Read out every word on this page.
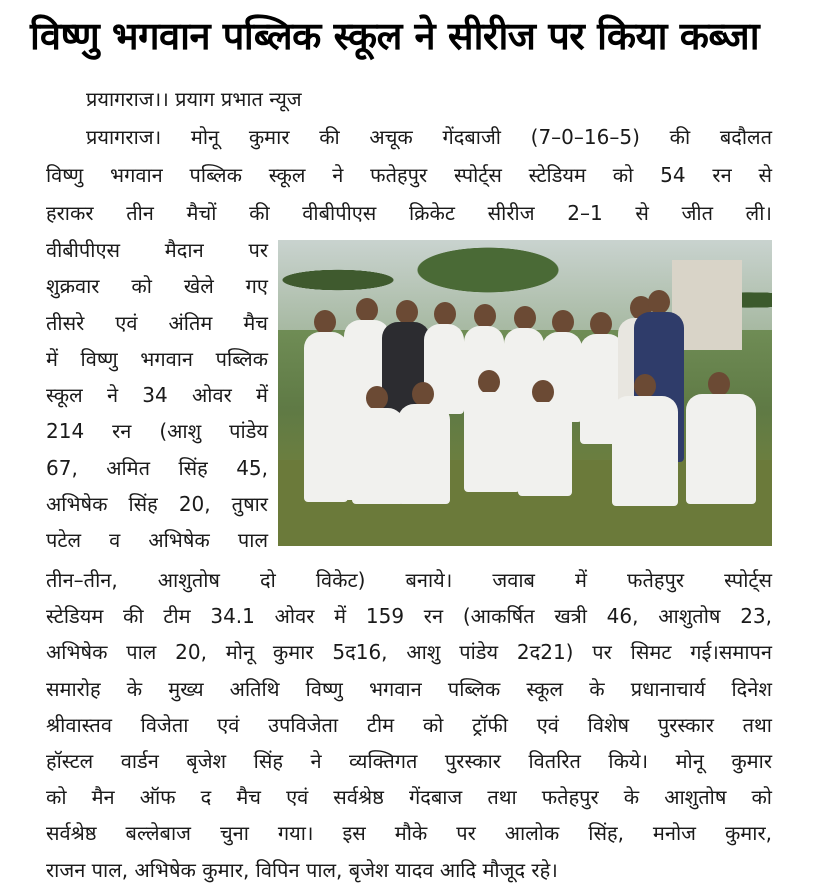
विष्णु भगवान पब्लिक स्कूल ने सीरीज पर किया कब्जा
प्रयागराज।। प्रयाग प्रभात न्यूज
प्रयागराज। मोनू कुमार की अचूक गेंदबाजी (7–0–16–5) की बदौलत
विष्णु भगवान पब्लिक स्कूल ने फतेहपुर स्पोर्ट्स स्टेडियम को 54 रन से
हराकर तीन मैचों की वीबीपीएस क्रिकेट सीरीज 2–1 से जीत ली।
वीबीपीएस मैदान पर
शुक्रवार को खेले गए
तीसरे एवं अंतिम मैच
में विष्णु भगवान पब्लिक
स्कूल ने 34 ओवर में
214 रन (आशु पांडेय
67, अमित सिंह 45,
अभिषेक सिंह 20, तुषार
पटेल व अभिषेक पाल
तीन–तीन, आशुतोष दो विकेट) बनाये। जवाब में फतेहपुर स्पोर्ट्स
स्टेडियम की टीम 34.1 ओवर में 159 रन (आकर्षित खत्री 46, आशुतोष 23,
अभिषेक पाल 20, मोनू कुमार 5द16, आशु पांडेय 2द21) पर सिमट गई।समापन
समारोह के मुख्य अतिथि विष्णु भगवान पब्लिक स्कूल के प्रधानाचार्य दिनेश
श्रीवास्तव विजेता एवं उपविजेता टीम को ट्रॉफी एवं विशेष पुरस्कार तथा
हॉस्टल वार्डन बृजेश सिंह ने व्यक्तिगत पुरस्कार वितरित किये। मोनू कुमार
को मैन ऑफ द मैच एवं सर्वश्रेष्ठ गेंदबाज तथा फतेहपुर के आशुतोष को
सर्वश्रेष्ठ बल्लेबाज चुना गया। इस मौके पर आलोक सिंह, मनोज कुमार,
राजन पाल, अभिषेक कुमार, विपिन पाल, बृजेश यादव आदि मौजूद रहे।
